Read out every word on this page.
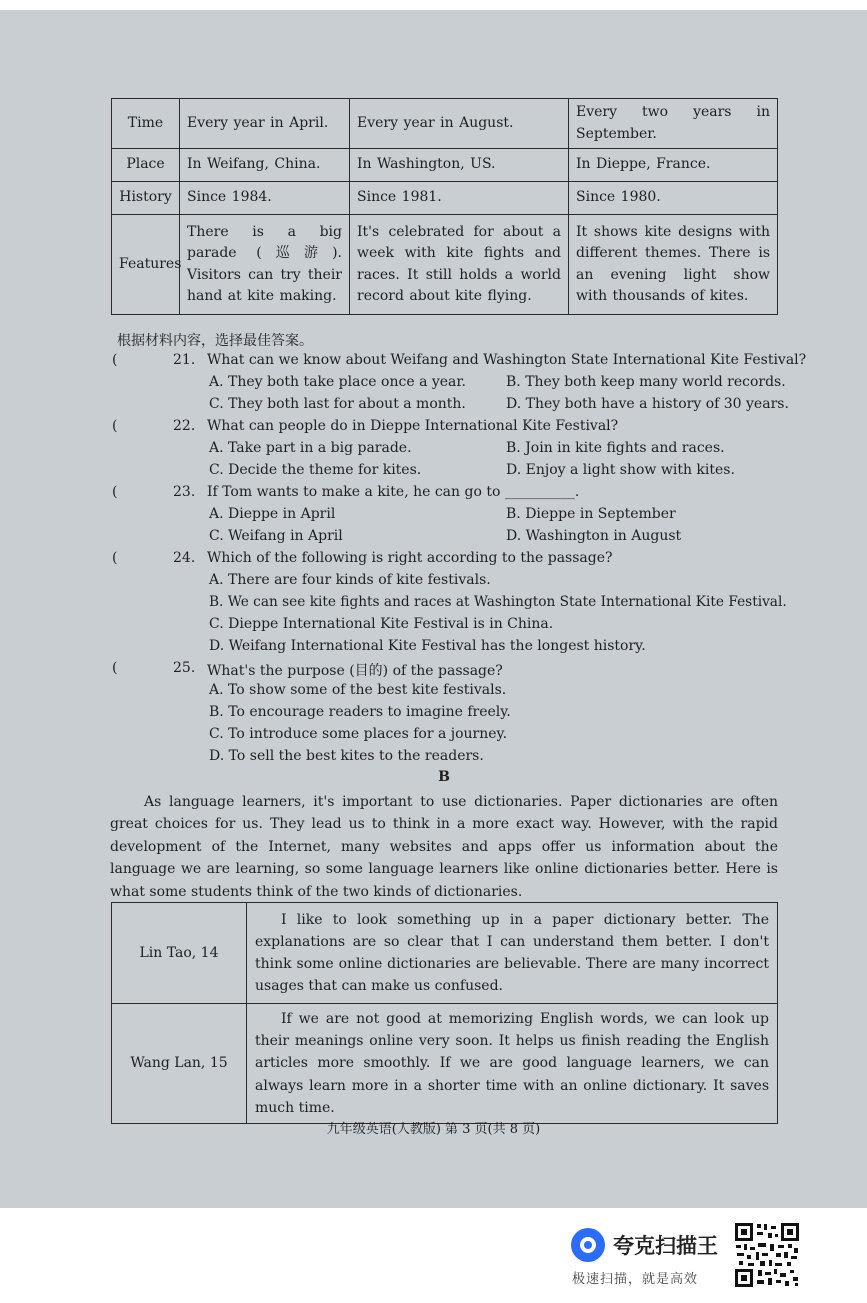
Time	Every year in April.	Every year in August.	Every two years in September.
Place	In Weifang, China.	In Washington, US.	In Dieppe, France.
History	Since 1984.	Since 1981.	Since 1980.
Features	There is a big parade (巡游). Visitors can try their hand at kite making.	It's celebrated for about a week with kite fights and races. It still holds a world record about kite flying.	It shows kite designs with different themes. There is an evening light show with thousands of kites.
根据材料内容，选择最佳答案。
(	21. What can we know about Weifang and Washington State International Kite Festival?
A. They both take place once a year.	B. They both keep many world records.
C. They both last for about a month.	D. They both have a history of 30 years.
(	22. What can people do in Dieppe International Kite Festival?
A. Take part in a big parade.	B. Join in kite fights and races.
C. Decide the theme for kites.	D. Enjoy a light show with kites.
(	23. If Tom wants to make a kite, he can go to __________.
A. Dieppe in April	B. Dieppe in September
C. Weifang in April	D. Washington in August
(	24. Which of the following is right according to the passage?
A. There are four kinds of kite festivals.
B. We can see kite fights and races at Washington State International Kite Festival.
C. Dieppe International Kite Festival is in China.
D. Weifang International Kite Festival has the longest history.
(	25. What's the purpose (目的) of the passage?
A. To show some of the best kite festivals.
B. To encourage readers to imagine freely.
C. To introduce some places for a journey.
D. To sell the best kites to the readers.
B
As language learners, it's important to use dictionaries. Paper dictionaries are often great choices for us. They lead us to think in a more exact way. However, with the rapid development of the Internet, many websites and apps offer us information about the language we are learning, so some language learners like online dictionaries better. Here is what some students think of the two kinds of dictionaries.
Lin Tao, 14	I like to look something up in a paper dictionary better. The explanations are so clear that I can understand them better. I don't think some online dictionaries are believable. There are many incorrect usages that can make us confused.
Wang Lan, 15	If we are not good at memorizing English words, we can look up their meanings online very soon. It helps us finish reading the English articles more smoothly. If we are good language learners, we can always learn more in a shorter time with an online dictionary. It saves much time.
九年级英语(人教版) 第 3 页(共 8 页)
夸克扫描王
极速扫描，就是高效
